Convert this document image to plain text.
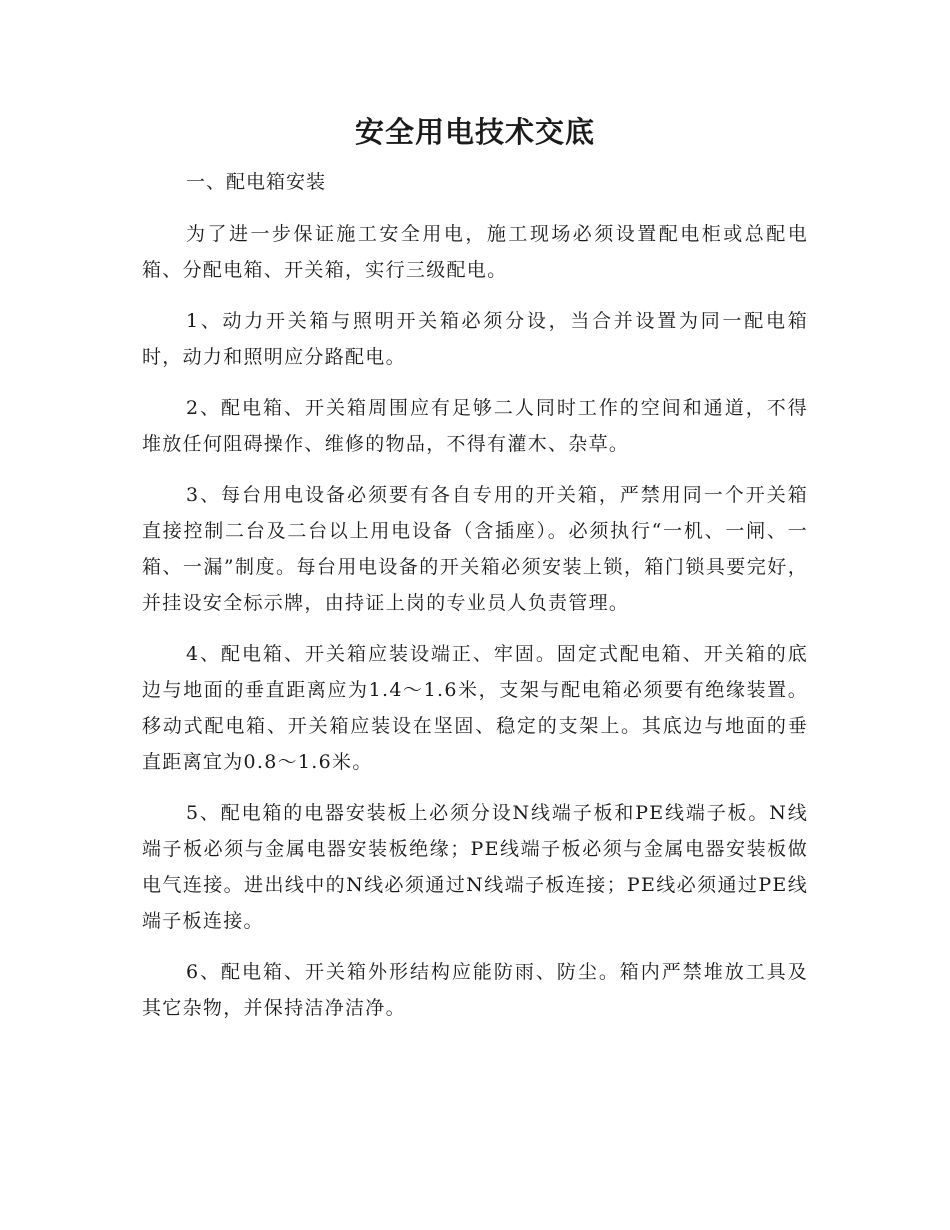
安全用电技术交底

一、配电箱安装

为了进一步保证施工安全用电，施工现场必须设置配电柜或总配电箱、分配电箱、开关箱，实行三级配电。

1、动力开关箱与照明开关箱必须分设，当合并设置为同一配电箱时，动力和照明应分路配电。

2、配电箱、开关箱周围应有足够二人同时工作的空间和通道，不得堆放任何阻碍操作、维修的物品，不得有灌木、杂草。

3、每台用电设备必须要有各自专用的开关箱，严禁用同一个开关箱直接控制二台及二台以上用电设备（含插座）。必须执行“一机、一闸、一箱、一漏”制度。每台用电设备的开关箱必须安装上锁，箱门锁具要完好，并挂设安全标示牌，由持证上岗的专业员人负责管理。

4、配电箱、开关箱应装设端正、牢固。固定式配电箱、开关箱的底边与地面的垂直距离应为1.4～1.6米，支架与配电箱必须要有绝缘装置。移动式配电箱、开关箱应装设在坚固、稳定的支架上。其底边与地面的垂直距离宜为0.8～1.6米。

5、配电箱的电器安装板上必须分设N线端子板和PE线端子板。N线端子板必须与金属电器安装板绝缘；PE线端子板必须与金属电器安装板做电气连接。进出线中的N线必须通过N线端子板连接；PE线必须通过PE线端子板连接。

6、配电箱、开关箱外形结构应能防雨、防尘。箱内严禁堆放工具及其它杂物，并保持洁净洁净。
